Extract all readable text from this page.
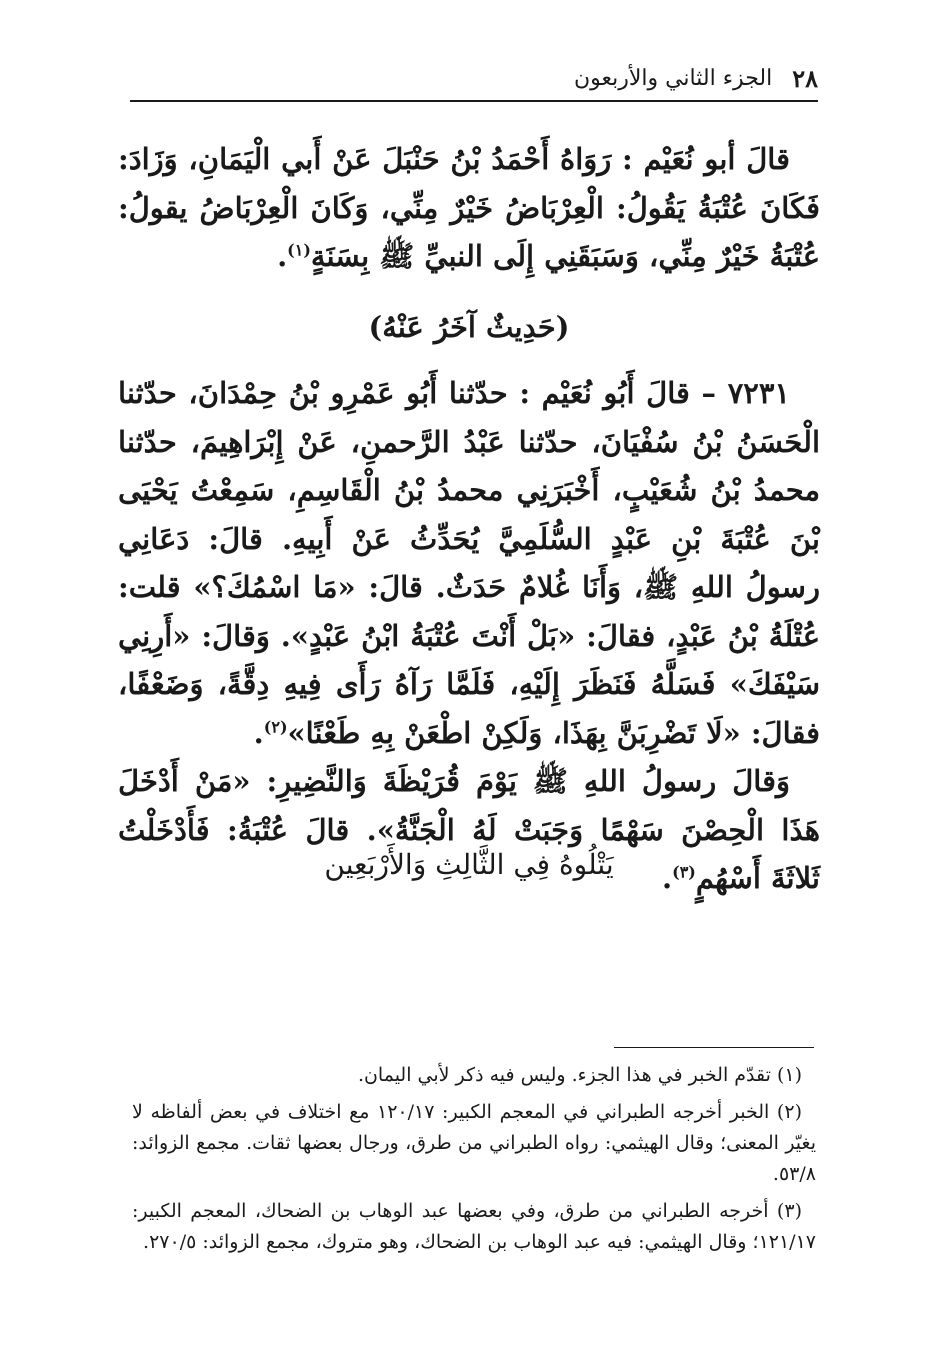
٢٨
الجزء الثاني والأربعون

قالَ أبو نُعَيْم : رَوَاهُ أَحْمَدُ بْنُ حَنْبَلَ عَنْ أَبي الْيَمَانِ، وَزَادَ: فَكَانَ عُتْبَةُ يَقُولُ: الْعِرْبَاضُ خَيْرٌ مِنِّي، وَكَانَ الْعِرْبَاضُ يقولُ: عُتْبَةُ خَيْرٌ مِنِّي، وَسَبَقَنِي إِلَى النبيِّ ﷺ بِسَنَةٍ$^{(١)}$.

(حَدِيثٌ آخَرُ عَنْهُ)

٧٢٣١ – قالَ أَبُو نُعَيْم : حدّثنا أَبُو عَمْرِو بْنُ حِمْدَانَ، حدّثنا الْحَسَنُ بْنُ سُفْيَانَ، حدّثنا عَبْدُ الرَّحمنِ، عَنْ إِبْرَاهِيمَ، حدّثنا محمدُ بْنُ شُعَيْبٍ، أَخْبَرَنِي محمدُ بْنُ الْقَاسِمِ، سَمِعْتُ يَحْيَى بْنَ عُتْبَةَ بْنِ عَبْدٍ السُّلَمِيَّ يُحَدِّثُ عَنْ أَبِيهِ. قالَ: دَعَانِي رسولُ اللهِ ﷺ، وَأَنَا غُلامٌ حَدَثٌ. قالَ: «مَا اسْمُكَ؟» قلت: عُتْلَةُ بْنُ عَبْدٍ، فقالَ: «بَلْ أَنْتَ عُتْبَةُ ابْنُ عَبْدٍ». وَقالَ: «أَرِنِي سَيْفَكَ» فَسَلَّهُ فَنَظَرَ إِلَيْهِ، فَلَمَّا رَآهُ رَأَى فِيهِ دِقَّةً، وَضَعْفًا، فقالَ: «لَا تَضْرِبَنَّ بِهَذَا، وَلَكِنْ اطْعَنْ بِهِ طَعْنًا»$^{(٢)}$.

وَقالَ رسولُ اللهِ ﷺ يَوْمَ قُرَيْظَةَ وَالنَّضِيرِ: «مَنْ أَدْخَلَ هَذَا الْحِصْنَ سَهْمًا وَجَبَتْ لَهُ الْجَنَّةُ». قالَ عُتْبَةُ: فَأَدْخَلْتُ ثَلاثَةَ أَسْهُمٍ$^{(٣)}$.

يَتْلُوهُ فِي الثَّالِثِ وَالأَرْبَعِين

(١) تقدّم الخبر في هذا الجزء. وليس فيه ذكر لأبي اليمان.

(٢) الخبر أخرجه الطبراني في المعجم الكبير: ١٢٠/١٧ مع اختلاف في بعض ألفاظه لا يغيّر المعنى؛ وقال الهيثمي: رواه الطبراني من طرق، ورجال بعضها ثقات. مجمع الزوائد: ٥٣/٨.

(٣) أخرجه الطبراني من طرق، وفي بعضها عبد الوهاب بن الضحاك، المعجم الكبير: ١٢١/١٧؛ وقال الهيثمي: فيه عبد الوهاب بن الضحاك، وهو متروك، مجمع الزوائد: ٢٧٠/٥.
